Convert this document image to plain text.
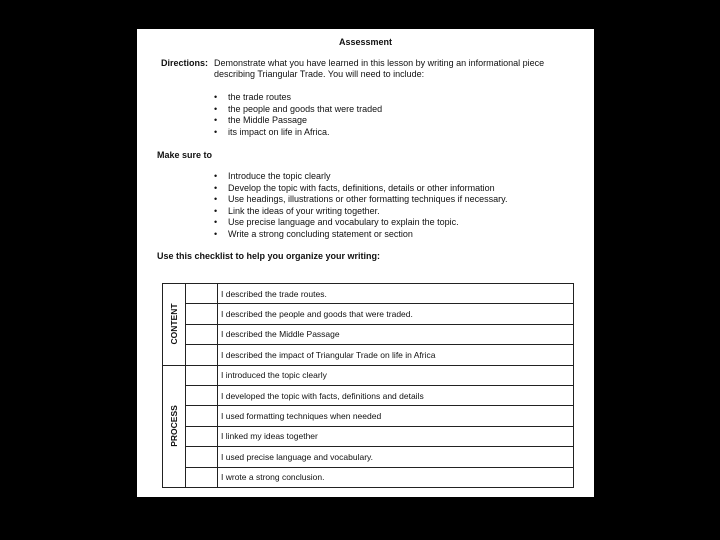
Assessment
Directions: Demonstrate what you have learned in this lesson by writing an informational piece describing Triangular Trade. You will need to include:
• the trade routes
• the people and goods that were traded
• the Middle Passage
• its impact on life in Africa.
Make sure to
• Introduce the topic clearly
• Develop the topic with facts, definitions, details or other information
• Use headings, illustrations or other formatting techniques if necessary.
• Link the ideas of your writing together.
• Use precise language and vocabulary to explain the topic.
• Write a strong concluding statement or section
Use this checklist to help you organize your writing:
CONTENT		I described the trade routes.
		I described the people and goods that were traded.
		I described the Middle Passage
		I described the impact of Triangular Trade on life in Africa

PROCESS		I introduced the topic clearly
		I developed the topic with facts, definitions and details
		I used formatting techniques when needed
		I linked my ideas together
		I used precise language and vocabulary.
		I wrote a strong conclusion.
